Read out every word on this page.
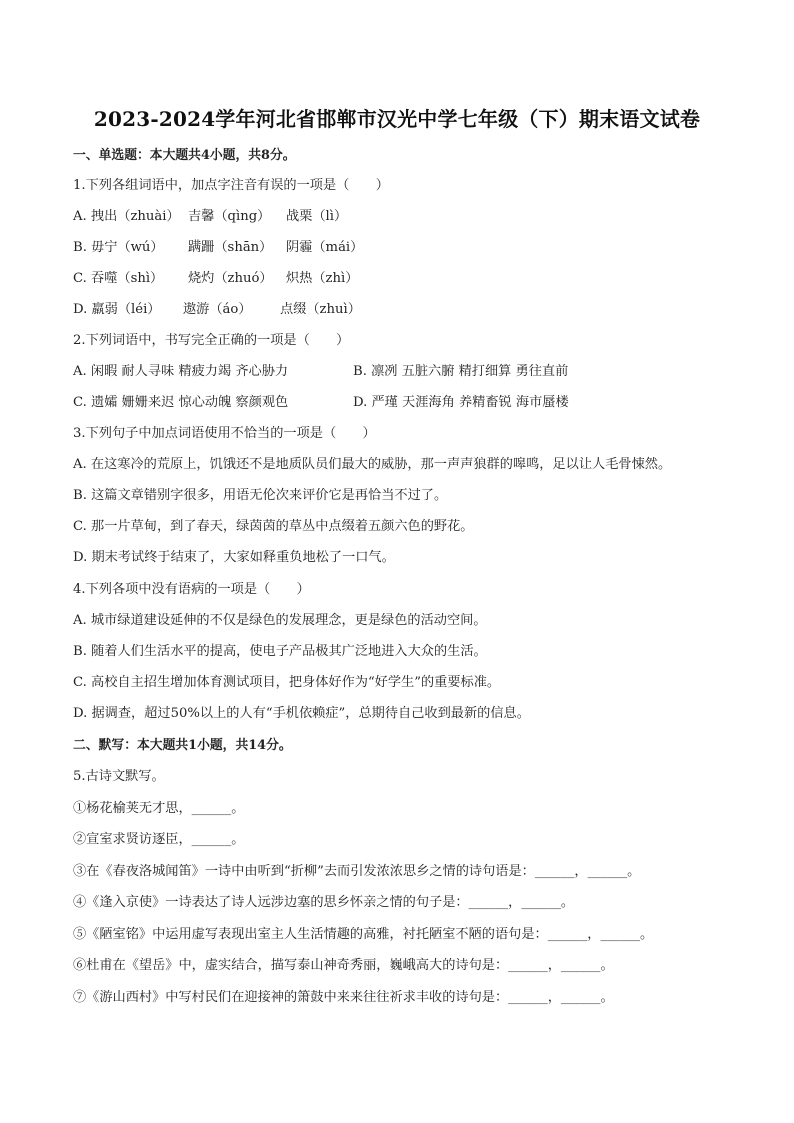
2023-2024学年河北省邯郸市汉光中学七年级（下）期末语文试卷
一、单选题：本大题共4小题，共8分。
1.下列各组词语中，加点字注音有误的一项是（　　）
A. 拽出（zhuài） 吉馨（qìng）	战栗（lì）
B. 毋宁（wú）	蹒跚（shān）	阴霾（mái）
C. 吞噬（shì）	烧灼（zhuó）	炽热（zhì）
D. 羸弱（léi）	遨游（áo）	点缀（zhuì）
2.下列词语中，书写完全正确的一项是（　　）
A. 闲暇 耐人寻味 精疲力竭 齐心胁力	B. 凛冽 五脏六腑 精打细算 勇往直前
C. 遗孀 姗姗来迟 惊心动魄 察颜观色	D. 严瑾 天涯海角 养精畜锐 海市蜃楼
3.下列句子中加点词语使用不恰当的一项是（　　）
A. 在这寒冷的荒原上，饥饿还不是地质队员们最大的威胁，那一声声狼群的嗥鸣，足以让人毛骨悚然。
B. 这篇文章错别字很多，用语无伦次来评价它是再恰当不过了。
C. 那一片草甸，到了春天，绿茵茵的草丛中点缀着五颜六色的野花。
D. 期末考试终于结束了，大家如释重负地松了一口气。
4.下列各项中没有语病的一项是（　　）
A. 城市绿道建设延伸的不仅是绿色的发展理念，更是绿色的活动空间。
B. 随着人们生活水平的提高，使电子产品极其广泛地进入大众的生活。
C. 高校自主招生增加体育测试项目，把身体好作为“好学生”的重要标准。
D. 据调查，超过50%以上的人有“手机依赖症”，总期待自己收到最新的信息。
二、默写：本大题共1小题，共14分。
5.古诗文默写。
①杨花榆荚无才思，______。
②宣室求贤访逐臣，______。
③在《春夜洛城闻笛》一诗中由听到“折柳”去而引发浓浓思乡之情的诗句语是：______，______。
④《逢入京使》一诗表达了诗人远涉边塞的思乡怀亲之情的句子是：______，______。
⑤《陋室铭》中运用虚写表现出室主人生活情趣的高雅，衬托陋室不陋的语句是：______，______。
⑥杜甫在《望岳》中，虚实结合，描写泰山神奇秀丽，巍峨高大的诗句是：______，______。
⑦《游山西村》中写村民们在迎接神的箫鼓中来来往往祈求丰收的诗句是：______，______。
